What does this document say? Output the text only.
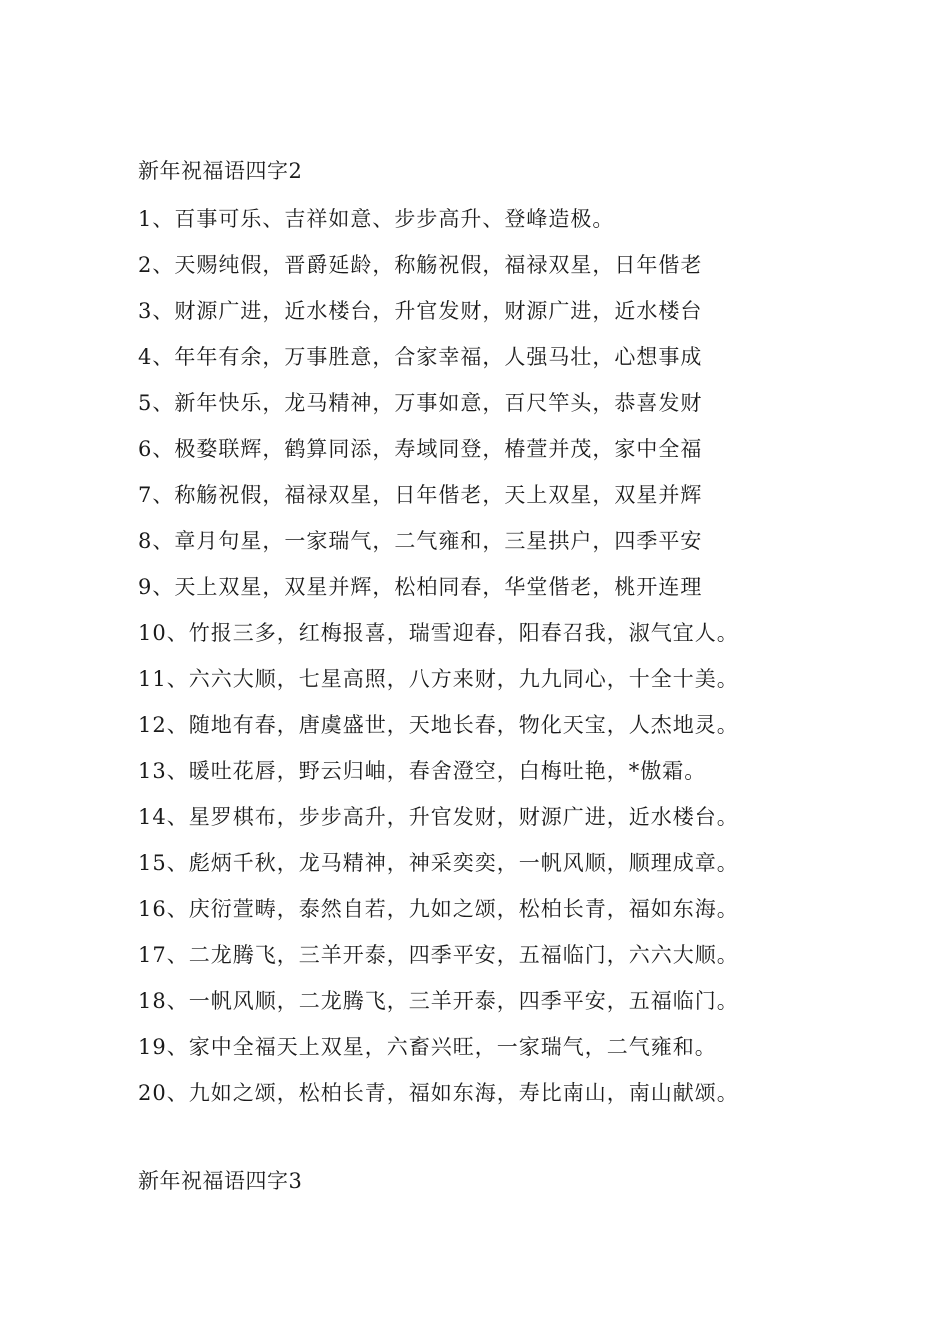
新年祝福语四字2
1、百事可乐、吉祥如意、步步高升、登峰造极。
2、天赐纯假，晋爵延龄，称觞祝假，福禄双星，日年偕老
3、财源广进，近水楼台，升官发财，财源广进，近水楼台
4、年年有余，万事胜意，合家幸福，人强马壮，心想事成
5、新年快乐，龙马精神，万事如意，百尺竿头，恭喜发财
6、极婺联辉，鹤算同添，寿域同登，椿萱并茂，家中全福
7、称觞祝假，福禄双星，日年偕老，天上双星，双星并辉
8、章月句星，一家瑞气，二气雍和，三星拱户，四季平安
9、天上双星，双星并辉，松柏同春，华堂偕老，桃开连理
10、竹报三多，红梅报喜，瑞雪迎春，阳春召我，淑气宜人。
11、六六大顺，七星高照，八方来财，九九同心，十全十美。
12、随地有春，唐虞盛世，天地长春，物化天宝，人杰地灵。
13、暖吐花唇，野云归岫，春舍澄空，白梅吐艳，*傲霜。
14、星罗棋布，步步高升，升官发财，财源广进，近水楼台。
15、彪炳千秋，龙马精神，神采奕奕，一帆风顺，顺理成章。
16、庆衍萱畴，泰然自若，九如之颂，松柏长青，福如东海。
17、二龙腾飞，三羊开泰，四季平安，五福临门，六六大顺。
18、一帆风顺，二龙腾飞，三羊开泰，四季平安，五福临门。
19、家中全福天上双星，六畜兴旺，一家瑞气，二气雍和。
20、九如之颂，松柏长青，福如东海，寿比南山，南山献颂。
新年祝福语四字3
